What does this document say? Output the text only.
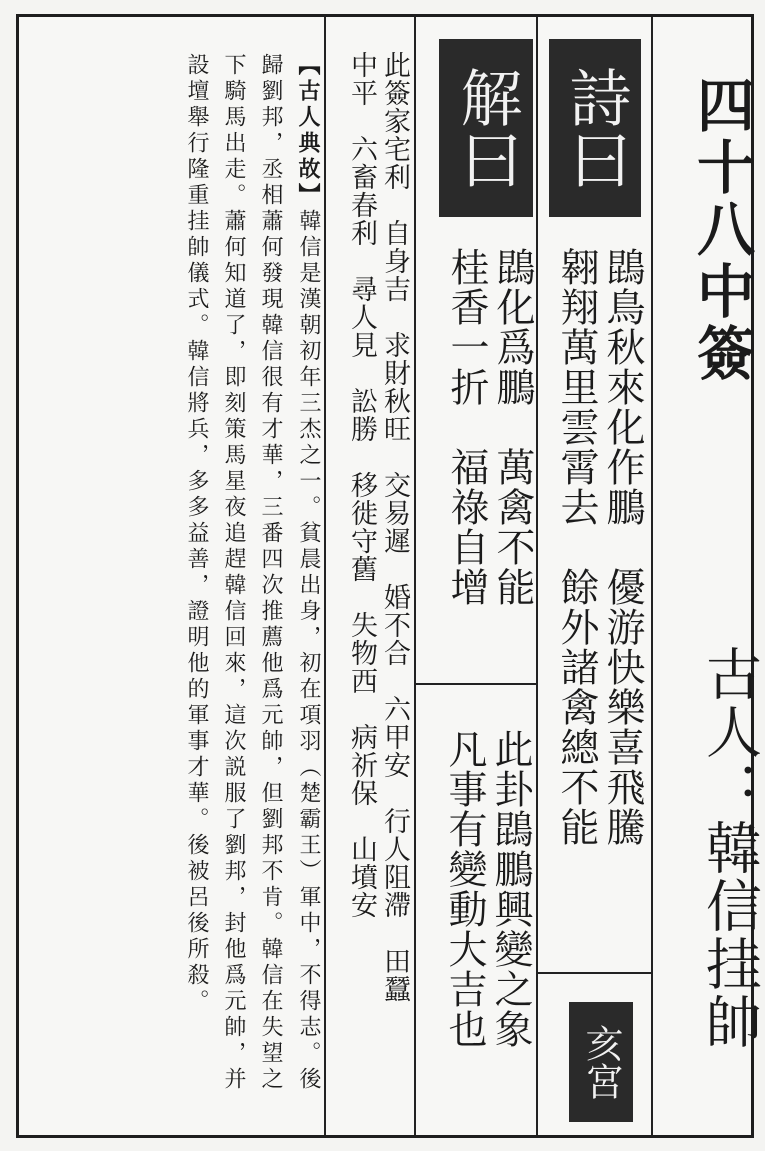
四十八中簽
古人：韓信挂帥
詩曰
解曰
亥宮
鵾鳥秋來化作鵬　優游快樂喜飛騰
翱翔萬里雲霄去　餘外諸禽總不能
鵾化爲鵬　萬禽不能
桂香一折　福祿自增
此卦鵾鵬興變之象
凡事有變動大吉也
此簽家宅利　自身吉　求財秋旺　交易遲　婚不合　六甲安　行人阻滯　田蠶
中平　六畜春利　尋人見　訟勝　移徙守舊　失物西　病祈保　山墳安
【古人典故】韓信是漢朝初年三杰之一。貧晨出身，初在項羽（楚霸王）軍中，不得志。後歸劉邦，丞相蕭何發現韓信很有才華，三番四次推薦他爲元帥，但劉邦不肯。韓信在失望之下騎馬出走。蕭何知道了，即刻策馬星夜追趕韓信回來，這次説服了劉邦，封他爲元帥，并設壇舉行隆重挂帥儀式。韓信將兵，多多益善，證明他的軍事才華。後被呂後所殺。
